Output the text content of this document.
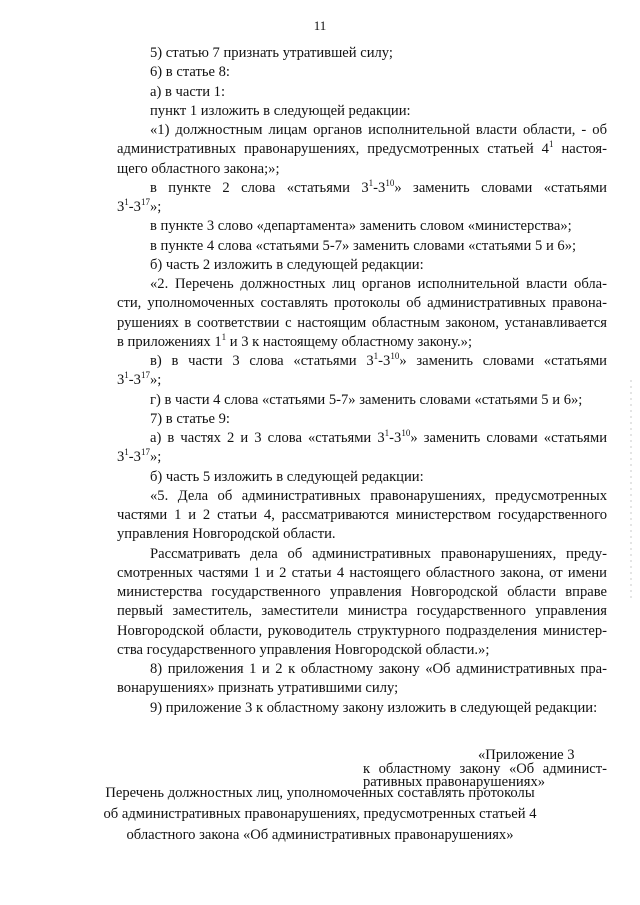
11
5) статью 7 признать утратившей силу;
6) в статье 8:
а) в части 1:
пункт 1 изложить в следующей редакции:
«1) должностным лицам органов исполнительной власти области, - об
административных правонарушениях, предусмотренных статьей $4^1$ настоя-
щего областного закона;»;
в пункте 2 слова «статьями $3^1-3^{10}$» заменить словами «статьями
$3^1-3^{17}$»;
в пункте 3 слово «департамента» заменить словом «министерства»;
в пункте 4 слова «статьями 5-7» заменить словами «статьями 5 и 6»;
б) часть 2 изложить в следующей редакции:
«2. Перечень должностных лиц органов исполнительной власти обла-
сти, уполномоченных составлять протоколы об административных правона-
рушениях в соответствии с настоящим областным законом, устанавливается
в приложениях $1^1$ и 3 к настоящему областному закону.»;
в) в части 3 слова «статьями $3^1-3^{10}$» заменить словами «статьями
$3^1-3^{17}$»;
г) в части 4 слова «статьями 5-7» заменить словами «статьями 5 и 6»;
7) в статье 9:
а) в частях 2 и 3 слова «статьями $3^1-3^{10}$» заменить словами «статьями
$3^1-3^{17}$»;
б) часть 5 изложить в следующей редакции:
«5. Дела об административных правонарушениях, предусмотренных
частями 1 и 2 статьи 4, рассматриваются министерством государственного
управления Новгородской области.
Рассматривать дела об административных правонарушениях, преду-
смотренных частями 1 и 2 статьи 4 настоящего областного закона, от имени
министерства государственного управления Новгородской области вправе
первый заместитель, заместители министра государственного управления
Новгородской области, руководитель структурного подразделения министер-
ства государственного управления Новгородской области.»;
8) приложения 1 и 2 к областному закону «Об административных пра-
вонарушениях» признать утратившими силу;
9) приложение 3 к областному закону изложить в следующей редакции:
«Приложение 3
к областному закону «Об админист-
ративных правонарушениях»
Перечень должностных лиц, уполномоченных составлять протоколы
об административных правонарушениях, предусмотренных статьей 4
областного закона «Об административных правонарушениях»
